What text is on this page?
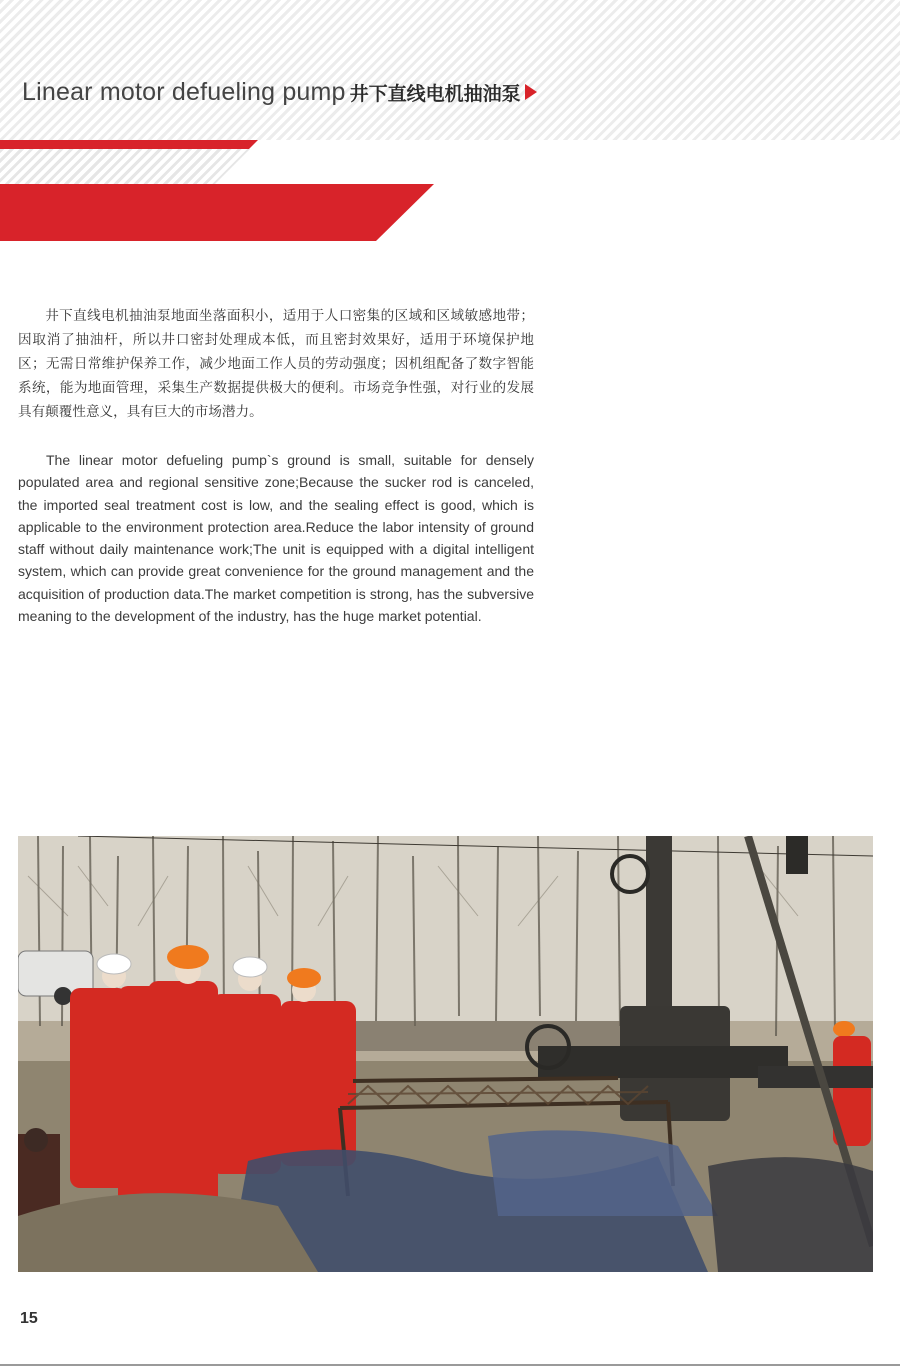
Linear motor defueling pump 井下直线电机抽油泵

井下直线电机抽油泵地面坐落面积小，适用于人口密集的区域和区域敏感地带；因取消了抽油杆，所以井口密封处理成本低，而且密封效果好，适用于环境保护地区；无需日常维护保养工作，减少地面工作人员的劳动强度；因机组配备了数字智能系统，能为地面管理，采集生产数据提供极大的便利。市场竞争性强，对行业的发展具有颠覆性意义，具有巨大的市场潜力。

The linear motor defueling pump`s ground is small, suitable for densely populated area and regional sensitive zone;Because the sucker rod is canceled, the imported seal treatment cost is low, and the sealing effect is good, which is applicable to the environment protection area.Reduce the labor intensity of ground staff without daily maintenance work;The unit is equipped with a digital intelligent system, which can provide great convenience for the ground management and the acquisition of production data.The market competition is strong, has the subversive meaning to the development of the industry, has the huge market potential.

15
